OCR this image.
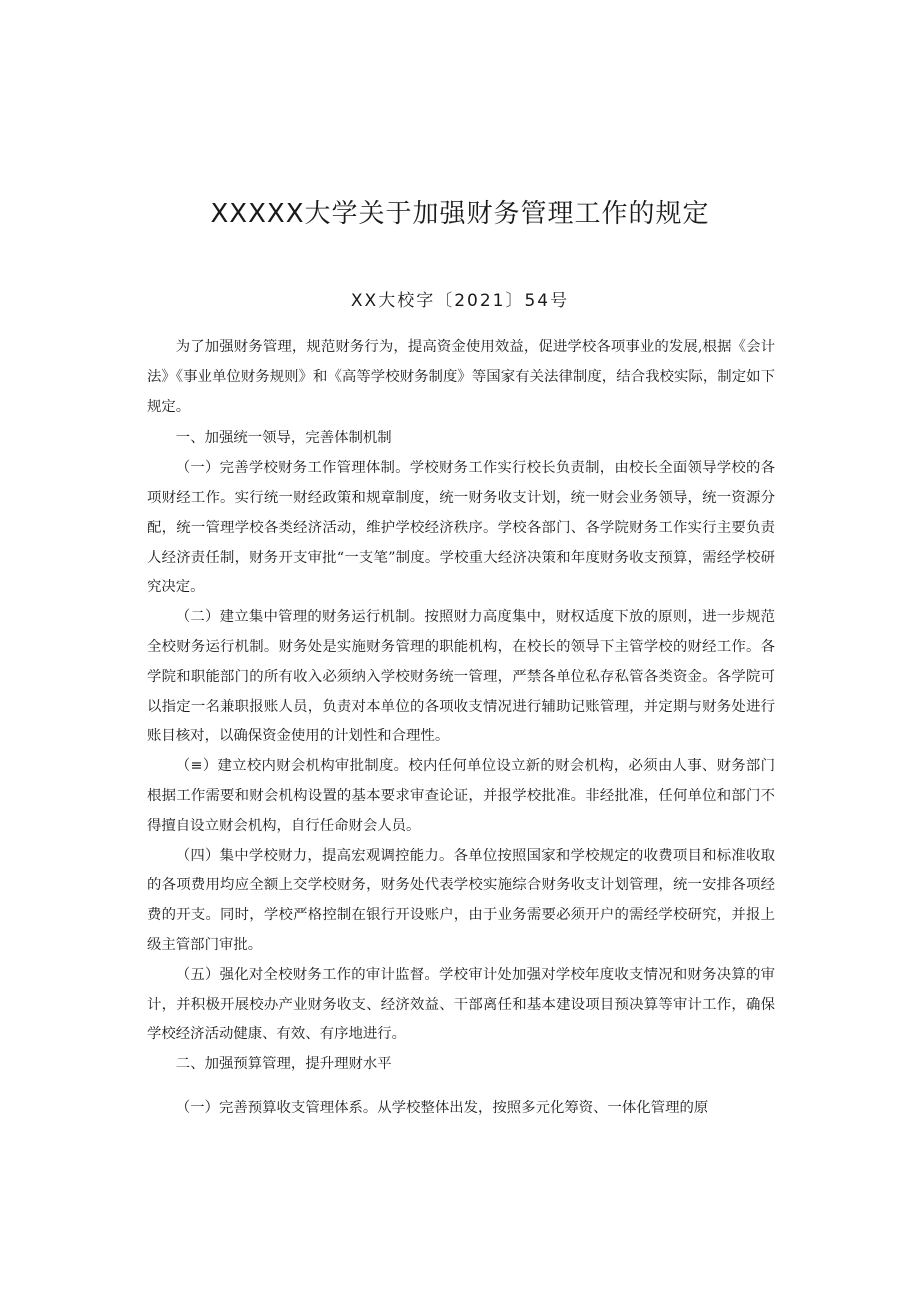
XXXXX大学关于加强财务管理工作的规定
XX大校字〔2021〕54号

为了加强财务管理，规范财务行为，提高资金使用效益，促进学校各项事业的发展,根据《会计法》《事业单位财务规则》和《高等学校财务制度》等国家有关法律制度，结合我校实际，制定如下规定。

一、加强统一领导，完善体制机制

（一）完善学校财务工作管理体制。学校财务工作实行校长负责制，由校长全面领导学校的各项财经工作。实行统一财经政策和规章制度，统一财务收支计划，统一财会业务领导，统一资源分配，统一管理学校各类经济活动，维护学校经济秩序。学校各部门、各学院财务工作实行主要负责人经济责任制，财务开支审批“一支笔”制度。学校重大经济决策和年度财务收支预算，需经学校研究决定。

（二）建立集中管理的财务运行机制。按照财力高度集中，财权适度下放的原则，进一步规范全校财务运行机制。财务处是实施财务管理的职能机构，在校长的领导下主管学校的财经工作。各学院和职能部门的所有收入必须纳入学校财务统一管理，严禁各单位私存私管各类资金。各学院可以指定一名兼职报账人员，负责对本单位的各项收支情况进行辅助记账管理，并定期与财务处进行账目核对，以确保资金使用的计划性和合理性。

（≡）建立校内财会机构审批制度。校内任何单位设立新的财会机构，必须由人事、财务部门根据工作需要和财会机构设置的基本要求审查论证，并报学校批准。非经批准，任何单位和部门不得擅自设立财会机构，自行任命财会人员。

（四）集中学校财力，提高宏观调控能力。各单位按照国家和学校规定的收费项目和标准收取的各项费用均应全额上交学校财务，财务处代表学校实施综合财务收支计划管理，统一安排各项经费的开支。同时，学校严格控制在银行开设账户，由于业务需要必须开户的需经学校研究，并报上级主管部门审批。

（五）强化对全校财务工作的审计监督。学校审计处加强对学校年度收支情况和财务决算的审计，并积极开展校办产业财务收支、经济效益、干部离任和基本建设项目预决算等审计工作，确保学校经济活动健康、有效、有序地进行。

二、加强预算管理，提升理财水平

（一）完善预算收支管理体系。从学校整体出发，按照多元化筹资、一体化管理的原
